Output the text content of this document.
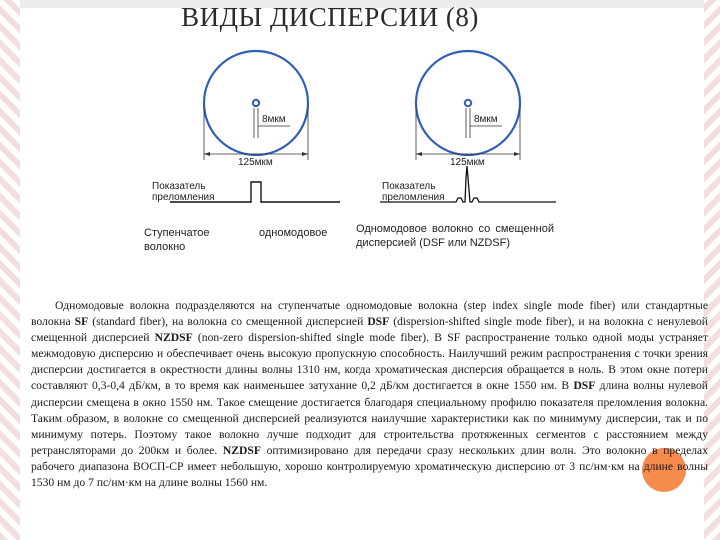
ВИДЫ ДИСПЕРСИИ (8)
8мкм
125мкм
Показатель преломления
Ступенчатое волокно
одномодовое
8мкм
125мкм
Показатель преломления
Одномодовое волокно со смещенной дисперсией (DSF или NZDSF)
Одномодовые волокна подразделяются на ступенчатые одномодовые волокна (step index single mode fiber) или стандартные волокна SF (standard fiber), на волокна со смещенной дисперсией DSF (dispersion-shifted single mode fiber), и на волокна с ненулевой смещенной дисперсией NZDSF (non-zero dispersion-shifted single mode fiber). В SF распространение только одной моды устраняет межмодовую дисперсию и обеспечивает очень высокую пропускную способность. Наилучший режим распространения с точки зрения дисперсии достигается в окрестности длины волны 1310 нм, когда хроматическая дисперсия обращается в ноль. В этом окне потери составляют 0,3-0,4 дБ/км, в то время как наименьшее затухание 0,2 дБ/км достигается в окне 1550 нм. В DSF длина волны нулевой дисперсии смещена в окно 1550 нм. Такое смещение достигается благодаря специальному профилю показателя преломления волокна. Таким образом, в волокне со смещенной дисперсией реализуются наилучшие характеристики как по минимуму дисперсии, так и по минимуму потерь. Поэтому такое волокно лучше подходит для строительства протяженных сегментов с расстоянием между ретрансляторами до 200км и более. NZDSF оптимизировано для передачи сразу нескольких длин волн. Это волокно в пределах рабочего диапазона ВОСП-СР имеет небольшую, хорошо контролируемую хроматическую дисперсию от 3 пс/нм·км на длине волны 1530 нм до 7 пс/нм·км на длине волны 1560 нм.
